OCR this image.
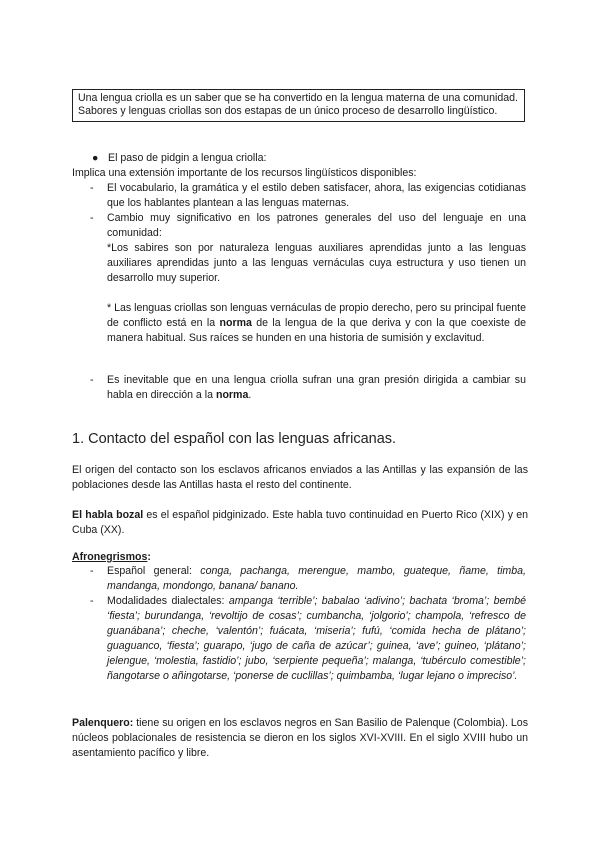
Una lengua criolla es un saber que se ha convertido en la lengua materna de una comunidad. Sabores y lenguas criollas son dos estapas de un único proceso de desarrollo lingüístico.
● El paso de pidgin a lengua criolla:
Implica una extensión importante de los recursos lingüísticos disponibles:
- El vocabulario, la gramática y el estilo deben satisfacer, ahora, las exigencias cotidianas que los hablantes plantean a las lenguas maternas.
- Cambio muy significativo en los patrones generales del uso del lenguaje en una comunidad:
*Los sabires son por naturaleza lenguas auxiliares aprendidas junto a las lenguas auxiliares aprendidas junto a las lenguas vernáculas cuya estructura y uso tienen un desarrollo muy superior.
* Las lenguas criollas son lenguas vernáculas de propio derecho, pero su principal fuente de conflicto está en la norma de la lengua de la que deriva y con la que coexiste de manera habitual. Sus raíces se hunden en una historia de sumisión y exclavitud.
- Es inevitable que en una lengua criolla sufran una gran presión dirigida a cambiar su habla en dirección a la norma.
1. Contacto del español con las lenguas africanas.
El origen del contacto son los esclavos africanos enviados a las Antillas y las expansión de las poblaciones desde las Antillas hasta el resto del continente.
El habla bozal es el español pidginizado. Este habla tuvo continuidad en Puerto Rico (XIX) y en Cuba (XX).
Afronegrismos:
- Español general: conga, pachanga, merengue, mambo, guateque, ñame, timba, mandanga, mondongo, banana/ banano.
- Modalidades dialectales: ampanga ‘terrible’; babalao ‘adivino’; bachata ‘broma’; bembé ‘fiesta’; burundanga, ‘revoltijo de cosas’; cumbancha, ‘jolgorio’; champola, ‘refresco de guanábana’; cheche, ‘valentón’; fuácata, ‘miseria’; fufú, ‘comida hecha de plátano’; guaguanco, ‘fiesta’; guarapo, ‘jugo de caña de azúcar’; guinea, ‘ave’; guineo, ‘plátano’; jelengue, ‘molestia, fastidio’; jubo, ‘serpiente pequeña’; malanga, ‘tubérculo comestible’; ñangotarse o añingotarse, ‘ponerse de cuclillas’; quimbamba, ‘lugar lejano o impreciso’.
Palenquero: tiene su origen en los esclavos negros en San Basilio de Palenque (Colombia). Los núcleos poblacionales de resistencia se dieron en los siglos XVI-XVIII. En el siglo XVIII hubo un asentamiento pacífico y libre.
